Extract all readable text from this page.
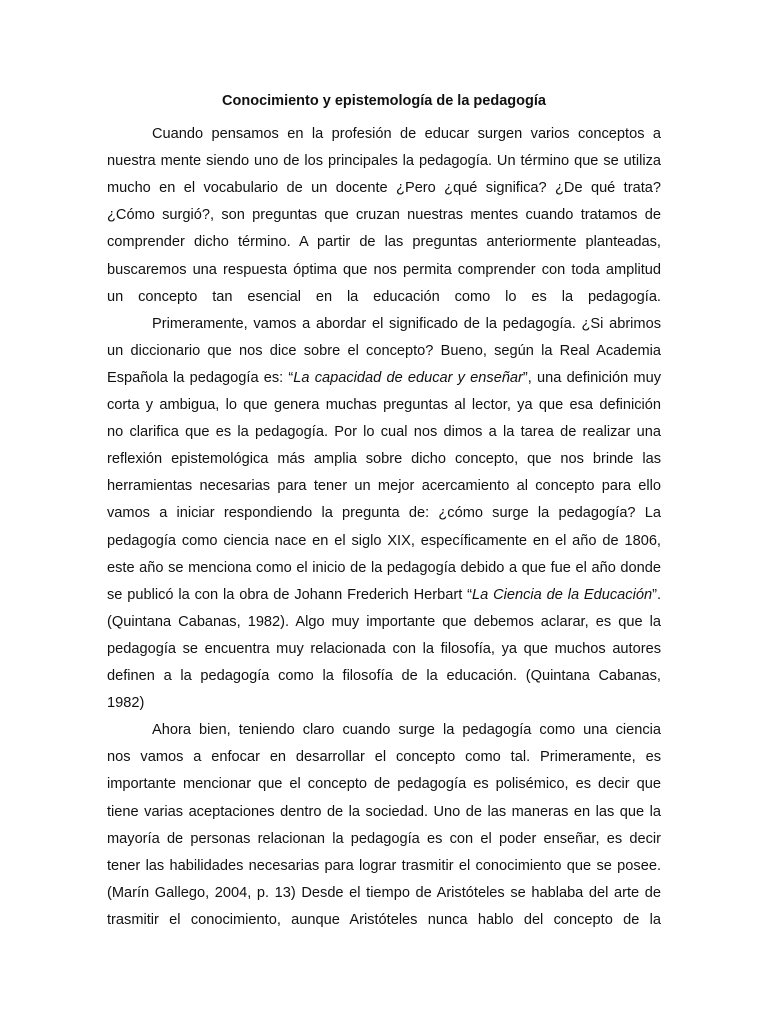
Conocimiento y epistemología de la pedagogía
Cuando pensamos en la profesión de educar surgen varios conceptos a
nuestra mente siendo uno de los principales la pedagogía. Un término que se utiliza
mucho en el vocabulario de un docente ¿Pero ¿qué significa? ¿De qué trata?
¿Cómo surgió?, son preguntas que cruzan nuestras mentes cuando tratamos de
comprender dicho término. A partir de las preguntas anteriormente planteadas,
buscaremos una respuesta óptima que nos permita comprender con toda amplitud
un concepto tan esencial en la educación como lo es la pedagogía.
Primeramente, vamos a abordar el significado de la pedagogía. ¿Si abrimos
un diccionario que nos dice sobre el concepto? Bueno, según la Real Academia
Española la pedagogía es: “La capacidad de educar y enseñar”, una definición muy
corta y ambigua, lo que genera muchas preguntas al lector, ya que esa definición
no clarifica que es la pedagogía. Por lo cual nos dimos a la tarea de realizar una
reflexión epistemológica más amplia sobre dicho concepto, que nos brinde las
herramientas necesarias para tener un mejor acercamiento al concepto para ello
vamos a iniciar respondiendo la pregunta de: ¿cómo surge la pedagogía? La
pedagogía como ciencia nace en el siglo XIX, específicamente en el año de 1806,
este año se menciona como el inicio de la pedagogía debido a que fue el año donde
se publicó la con la obra de Johann Frederich Herbart “La Ciencia de la Educación”.
(Quintana Cabanas, 1982). Algo muy importante que debemos aclarar, es que la
pedagogía se encuentra muy relacionada con la filosofía, ya que muchos autores
definen a la pedagogía como la filosofía de la educación. (Quintana Cabanas,
1982)
Ahora bien, teniendo claro cuando surge la pedagogía como una ciencia
nos vamos a enfocar en desarrollar el concepto como tal. Primeramente, es
importante mencionar que el concepto de pedagogía es polisémico, es decir que
tiene varias aceptaciones dentro de la sociedad. Uno de las maneras en las que la
mayoría de personas relacionan la pedagogía es con el poder enseñar, es decir
tener las habilidades necesarias para lograr trasmitir el conocimiento que se posee.
(Marín Gallego, 2004, p. 13) Desde el tiempo de Aristóteles se hablaba del arte de
trasmitir el conocimiento, aunque Aristóteles nunca hablo del concepto de la
